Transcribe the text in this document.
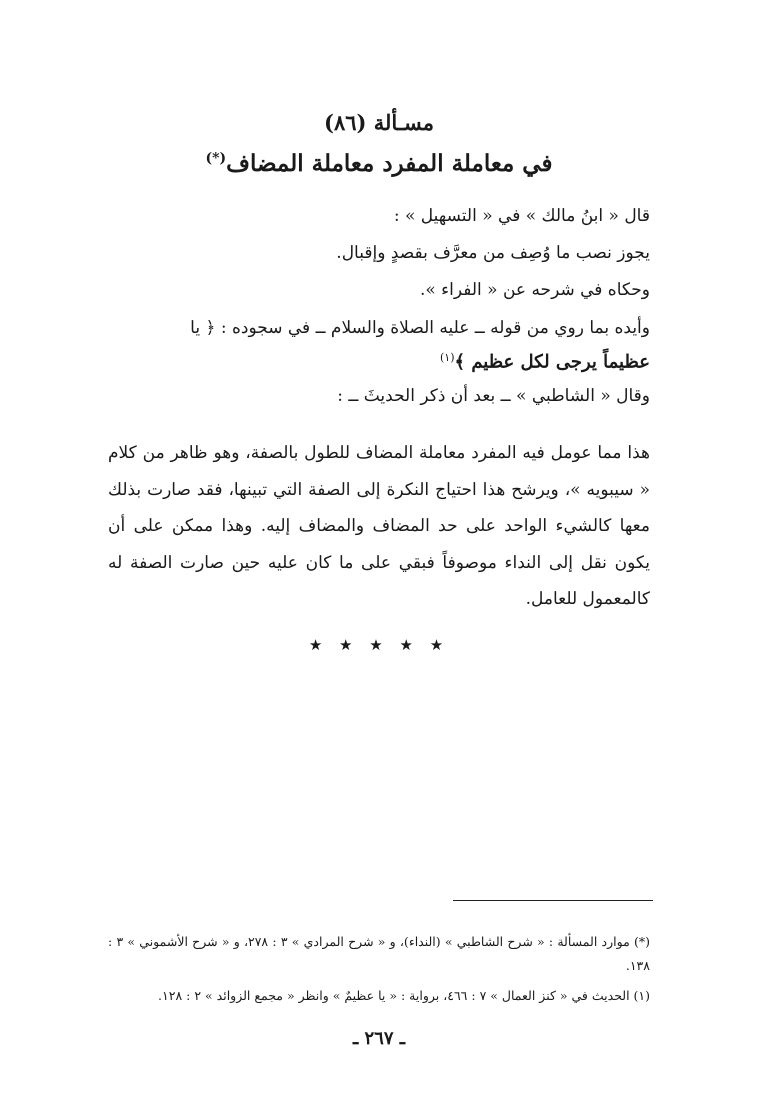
مسـألة (٨٦)
في معاملة المفرد معاملة المضاف(*)
قال « ابنُ مالك » في « التسهيل » :
يجوز نصب ما وُصِف من معرَّف بقصدٍ وإقبال.
وحكاه في شرحه عن « الفراء ».
وأيده بما روي من قوله ــ عليه الصلاة والسلام ــ في سجوده : ﴿ يا
عظيماً يرجى لكل عظيم ﴾$^{(١)}$
وقال « الشاطبي » ــ بعد أن ذكر الحديثَ ــ :
هذا مما عومل فيه المفرد معاملة المضاف للطول بالصفة، وهو ظاهر من كلام « سيبويه »، ويرشح هذا احتياج النكرة إلى الصفة التي تبينها، فقد صارت بذلك معها كالشيء الواحد على حد المضاف والمضاف إليه. وهذا ممكن على أن يكون نقل إلى النداء موصوفاً فبقي على ما كان عليه حين صارت الصفة له كالمعمول للعامل.
★ ★ ★ ★ ★
(*) موارد المسألة : « شرح الشاطبي » (النداء)، و « شرح المرادي » ٣ : ٢٧٨، و « شرح الأشموني » ٣ : ١٣٨.
(١) الحديث في « كنز العمال » ٧ : ٤٦٦، برواية : « يا عظيمٌ » وانظر « مجمع الزوائد » ٢ : ١٢٨.
ـ ٢٦٧ ـ
